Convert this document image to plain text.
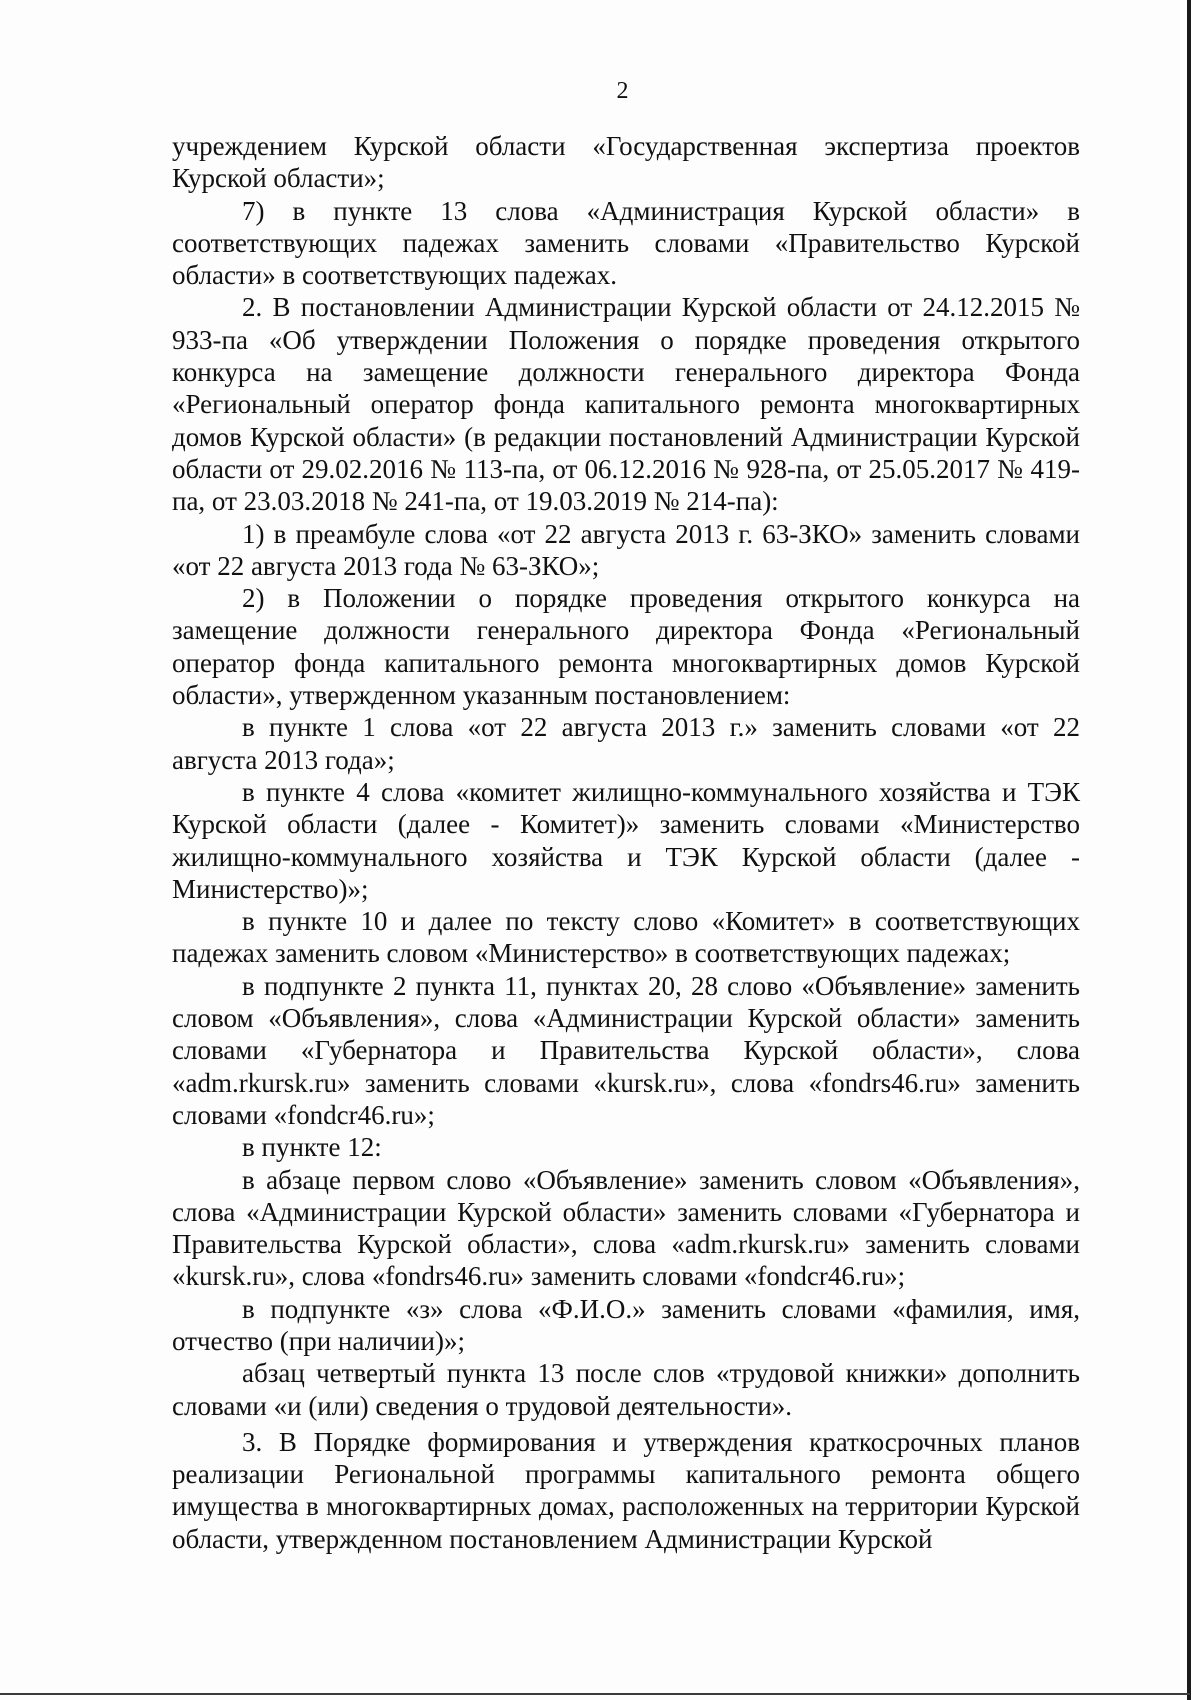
2

учреждением Курской области «Государственная экспертиза проектов Курской области»;

7) в пункте 13 слова «Администрация Курской области» в соответствующих падежах заменить словами «Правительство Курской области» в соответствующих падежах.

2. В постановлении Администрации Курской области от 24.12.2015 № 933-па «Об утверждении Положения о порядке проведения открытого конкурса на замещение должности генерального директора Фонда «Региональный оператор фонда капитального ремонта многоквартирных домов Курской области» (в редакции постановлений Администрации Курской области от 29.02.2016 № 113-па, от 06.12.2016 № 928-па, от 25.05.2017 № 419-па, от 23.03.2018 № 241-па, от 19.03.2019 № 214-па):

1) в преамбуле слова «от 22 августа 2013 г. 63-ЗКО» заменить словами «от 22 августа 2013 года № 63-ЗКО»;

2) в Положении о порядке проведения открытого конкурса на замещение должности генерального директора Фонда «Региональный оператор фонда капитального ремонта многоквартирных домов Курской области», утвержденном указанным постановлением:

в пункте 1 слова «от 22 августа 2013 г.» заменить словами «от 22 августа 2013 года»;

в пункте 4 слова «комитет жилищно-коммунального хозяйства и ТЭК Курской области (далее - Комитет)» заменить словами «Министерство жилищно-коммунального хозяйства и ТЭК Курской области (далее - Министерство)»;

в пункте 10 и далее по тексту слово «Комитет» в соответствующих падежах заменить словом «Министерство» в соответствующих падежах;

в подпункте 2 пункта 11, пунктах 20, 28 слово «Объявление» заменить словом «Объявления», слова «Администрации Курской области» заменить словами «Губернатора и Правительства Курской области», слова «adm.rkursk.ru» заменить словами «kursk.ru», слова «fondrs46.ru» заменить словами «fondcr46.ru»;

в пункте 12:

в абзаце первом слово «Объявление» заменить словом «Объявления», слова «Администрации Курской области» заменить словами «Губернатора и Правительства Курской области», слова «adm.rkursk.ru» заменить словами «kursk.ru», слова «fondrs46.ru» заменить словами «fondcr46.ru»;

в подпункте «з» слова «Ф.И.О.» заменить словами «фамилия, имя, отчество (при наличии)»;

абзац четвертый пункта 13 после слов «трудовой книжки» дополнить словами «и (или) сведения о трудовой деятельности».

3. В Порядке формирования и утверждения краткосрочных планов реализации Региональной программы капитального ремонта общего имущества в многоквартирных домах, расположенных на территории Курской области, утвержденном постановлением Администрации Курской
